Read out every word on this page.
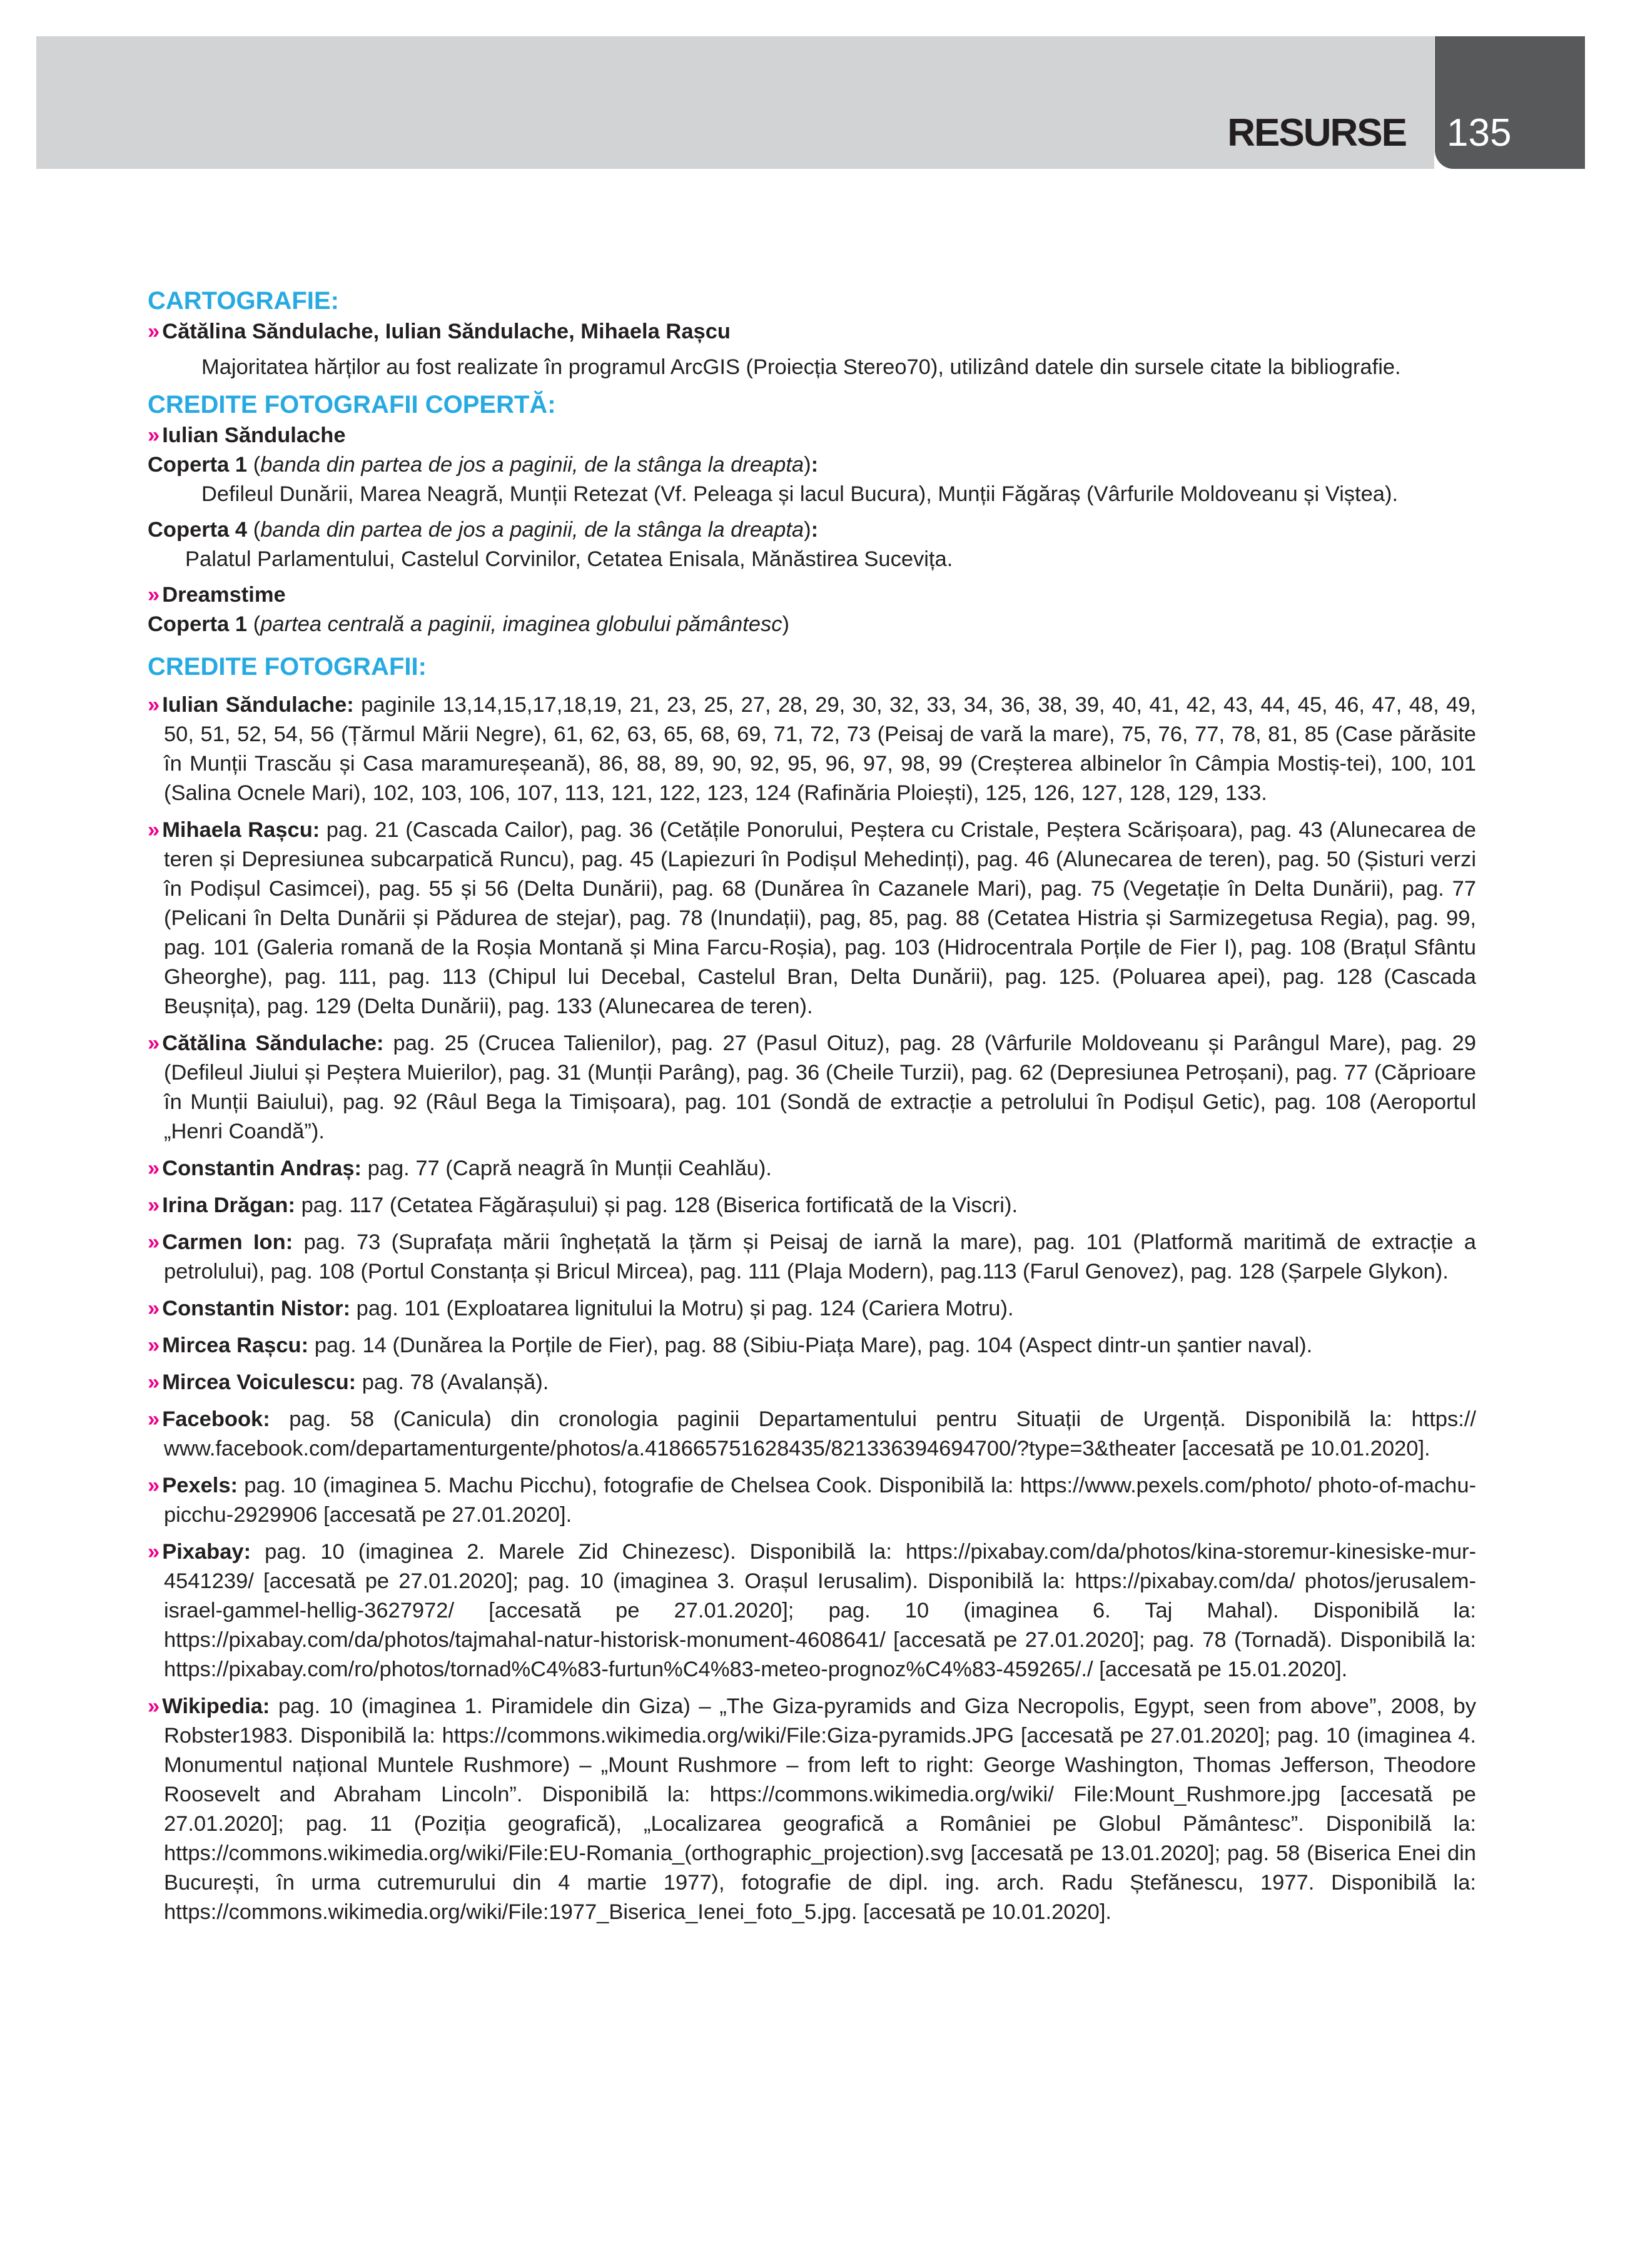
RESURSE 135

CARTOGRAFIE:

» Cătălina Săndulache, Iulian Săndulache, Mihaela Rașcu

Majoritatea hărților au fost realizate în programul ArcGIS (Proiecția Stereo70), utilizând datele din sursele citate la bibliografie.

CREDITE FOTOGRAFII COPERTĂ:

» Iulian Săndulache

Coperta 1 (banda din partea de jos a paginii, de la stânga la dreapta):

Defileul Dunării, Marea Neagră, Munții Retezat (Vf. Peleaga și lacul Bucura), Munții Făgăraș (Vârfurile Moldoveanu și Viștea).

Coperta 4 (banda din partea de jos a paginii, de la stânga la dreapta):

Palatul Parlamentului, Castelul Corvinilor, Cetatea Enisala, Mănăstirea Sucevița.

» Dreamstime

Coperta 1 (partea centrală a paginii, imaginea globului pământesc)

CREDITE FOTOGRAFII:

» Iulian Săndulache: paginile 13,14,15,17,18,19, 21, 23, 25, 27, 28, 29, 30, 32, 33, 34, 36, 38, 39, 40, 41, 42, 43, 44, 45, 46, 47, 48, 49, 50, 51, 52, 54, 56 (Țărmul Mării Negre), 61, 62, 63, 65, 68, 69, 71, 72, 73 (Peisaj de vară la mare), 75, 76, 77, 78, 81, 85 (Case părăsite în Munții Trascău și Casa maramureșeană), 86, 88, 89, 90, 92, 95, 96, 97, 98, 99 (Creșterea albinelor în Câmpia Mostiș-tei), 100, 101 (Salina Ocnele Mari), 102, 103, 106, 107, 113, 121, 122, 123, 124 (Rafinăria Ploiești), 125, 126, 127, 128, 129, 133.

» Mihaela Rașcu: pag. 21 (Cascada Cailor), pag. 36 (Cetățile Ponorului, Peștera cu Cristale, Peștera Scărișoara), pag. 43 (Alunecarea de teren și Depresiunea subcarpatică Runcu), pag. 45 (Lapiezuri în Podișul Mehedinți), pag. 46 (Alunecarea de teren), pag. 50 (Șisturi verzi în Podișul Casimcei), pag. 55 și 56 (Delta Dunării), pag. 68 (Dunărea în Cazanele Mari), pag. 75 (Vegetație în Delta Dunării), pag. 77 (Pelicani în Delta Dunării și Pădurea de stejar), pag. 78 (Inundații), pag, 85, pag. 88 (Cetatea Histria și Sarmizegetusa Regia), pag. 99, pag. 101 (Galeria romană de la Roșia Montană și Mina Farcu-Roșia), pag. 103 (Hidrocentrala Porțile de Fier I), pag. 108 (Brațul Sfântu Gheorghe), pag. 111, pag. 113 (Chipul lui Decebal, Castelul Bran, Delta Dunării), pag. 125. (Poluarea apei), pag. 128 (Cascada Beușnița), pag. 129 (Delta Dunării), pag. 133 (Alunecarea de teren).

» Cătălina Săndulache: pag. 25 (Crucea Talienilor), pag. 27 (Pasul Oituz), pag. 28 (Vârfurile Moldoveanu și Parângul Mare), pag. 29 (Defileul Jiului și Peștera Muierilor), pag. 31 (Munții Parâng), pag. 36 (Cheile Turzii), pag. 62 (Depresiunea Petroșani), pag. 77 (Căprioare în Munții Baiului), pag. 92 (Râul Bega la Timișoara), pag. 101 (Sondă de extracție a petrolului în Podișul Getic), pag. 108 (Aeroportul „Henri Coandă”).

» Constantin Andraș: pag. 77 (Capră neagră în Munții Ceahlău).

» Irina Drăgan: pag. 117 (Cetatea Făgărașului) și pag. 128 (Biserica fortificată de la Viscri).

» Carmen Ion: pag. 73 (Suprafața mării înghețată la țărm și Peisaj de iarnă la mare), pag. 101 (Platformă maritimă de extracție a petrolului), pag. 108 (Portul Constanța și Bricul Mircea), pag. 111 (Plaja Modern), pag.113 (Farul Genovez), pag. 128 (Șarpele Glykon).

» Constantin Nistor: pag. 101 (Exploatarea lignitului la Motru) și pag. 124 (Cariera Motru).

» Mircea Rașcu: pag. 14 (Dunărea la Porțile de Fier), pag. 88 (Sibiu-Piața Mare), pag. 104 (Aspect dintr-un șantier naval).

» Mircea Voiculescu: pag. 78 (Avalanșă).

» Facebook: pag. 58 (Canicula) din cronologia paginii Departamentului pentru Situații de Urgență. Disponibilă la: https:// www.facebook.com/departamenturgente/photos/a.418665751628435/821336394694700/?type=3&theater [accesată pe 10.01.2020].

» Pexels: pag. 10 (imaginea 5. Machu Picchu), fotografie de Chelsea Cook. Disponibilă la: https://www.pexels.com/photo/ photo-of-machu-picchu-2929906 [accesată pe 27.01.2020].

» Pixabay: pag. 10 (imaginea 2. Marele Zid Chinezesc). Disponibilă la: https://pixabay.com/da/photos/kina-storemur-kinesiske-mur-4541239/ [accesată pe 27.01.2020]; pag. 10 (imaginea 3. Orașul Ierusalim). Disponibilă la: https://pixabay.com/da/ photos/jerusalem-israel-gammel-hellig-3627972/ [accesată pe 27.01.2020]; pag. 10 (imaginea 6. Taj Mahal). Disponibilă la: https://pixabay.com/da/photos/tajmahal-natur-historisk-monument-4608641/ [accesată pe 27.01.2020]; pag. 78 (Tornadă). Disponibilă la: https://pixabay.com/ro/photos/tornad%C4%83-furtun%C4%83-meteo-prognoz%C4%83-459265/./ [accesată pe 15.01.2020].

» Wikipedia: pag. 10 (imaginea 1. Piramidele din Giza) – „The Giza-pyramids and Giza Necropolis, Egypt, seen from above”, 2008, by Robster1983. Disponibilă la: https://commons.wikimedia.org/wiki/File:Giza-pyramids.JPG [accesată pe 27.01.2020]; pag. 10 (imaginea 4. Monumentul național Muntele Rushmore) – „Mount Rushmore – from left to right: George Washington, Thomas Jefferson, Theodore Roosevelt and Abraham Lincoln”. Disponibilă la: https://commons.wikimedia.org/wiki/ File:Mount_Rushmore.jpg [accesată pe 27.01.2020]; pag. 11 (Poziția geografică), „Localizarea geografică a României pe Globul Pământesc”. Disponibilă la: https://commons.wikimedia.org/wiki/File:EU-Romania_(orthographic_projection).svg [accesată pe 13.01.2020]; pag. 58 (Biserica Enei din București, în urma cutremurului din 4 martie 1977), fotografie de dipl. ing. arch. Radu Ștefănescu, 1977. Disponibilă la: https://commons.wikimedia.org/wiki/File:1977_Biserica_Ienei_foto_5.jpg. [accesată pe 10.01.2020].
